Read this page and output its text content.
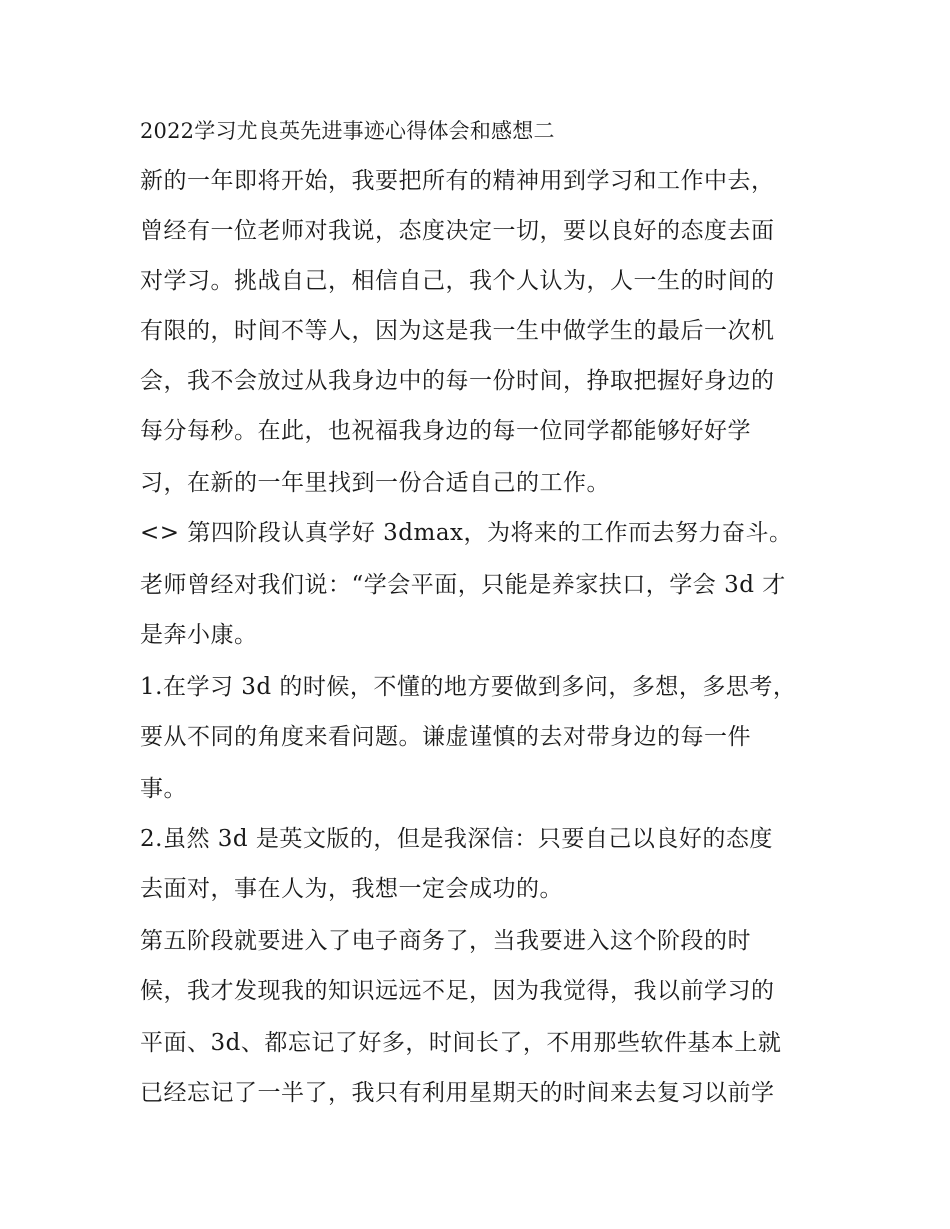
2022学习尤良英先进事迹心得体会和感想二
新的一年即将开始，我要把所有的精神用到学习和工作中去，
曾经有一位老师对我说，态度决定一切，要以良好的态度去面
对学习。挑战自己，相信自己，我个人认为，人一生的时间的
有限的，时间不等人，因为这是我一生中做学生的最后一次机
会，我不会放过从我身边中的每一份时间，挣取把握好身边的
每分每秒。在此，也祝福我身边的每一位同学都能够好好学
习，在新的一年里找到一份合适自己的工作。
<> 第四阶段认真学好 3dmax，为将来的工作而去努力奋斗。
老师曾经对我们说：“学会平面，只能是养家扶口，学会 3d 才
是奔小康。
1.在学习 3d 的时候，不懂的地方要做到多问，多想，多思考，
要从不同的角度来看问题。谦虚谨慎的去对带身边的每一件
事。
2.虽然 3d 是英文版的，但是我深信：只要自己以良好的态度
去面对，事在人为，我想一定会成功的。
第五阶段就要进入了电子商务了，当我要进入这个阶段的时
候，我才发现我的知识远远不足，因为我觉得，我以前学习的
平面、3d、都忘记了好多，时间长了，不用那些软件基本上就
已经忘记了一半了，我只有利用星期天的时间来去复习以前学
